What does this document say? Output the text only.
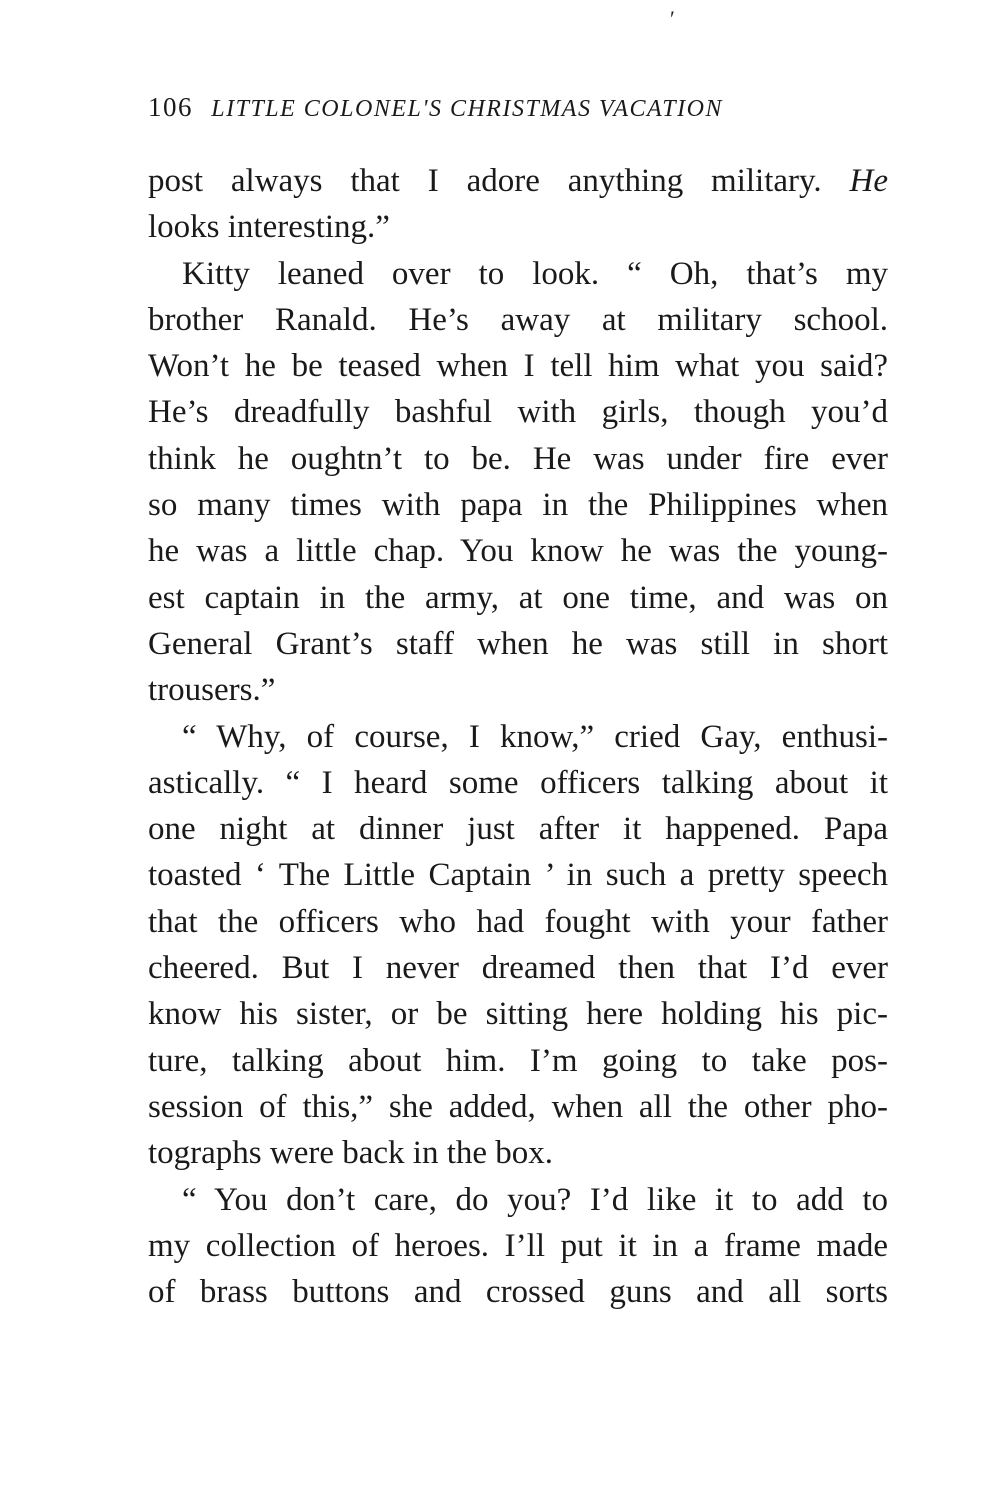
′
106 LITTLE COLONEL'S CHRISTMAS VACATION
post always that I adore anything military. He
looks interesting.”
Kitty leaned over to look. “ Oh, that’s my
brother Ranald. He’s away at military school.
Won’t he be teased when I tell him what you said?
He’s dreadfully bashful with girls, though you’d
think he oughtn’t to be. He was under fire ever
so many times with papa in the Philippines when
he was a little chap. You know he was the young-
est captain in the army, at one time, and was on
General Grant’s staff when he was still in short
trousers.”
“ Why, of course, I know,” cried Gay, enthusi-
astically. “ I heard some officers talking about it
one night at dinner just after it happened. Papa
toasted ‘ The Little Captain ’ in such a pretty speech
that the officers who had fought with your father
cheered. But I never dreamed then that I’d ever
know his sister, or be sitting here holding his pic-
ture, talking about him. I’m going to take pos-
session of this,” she added, when all the other pho-
tographs were back in the box.
“ You don’t care, do you? I’d like it to add to
my collection of heroes. I’ll put it in a frame made
of brass buttons and crossed guns and all sorts
